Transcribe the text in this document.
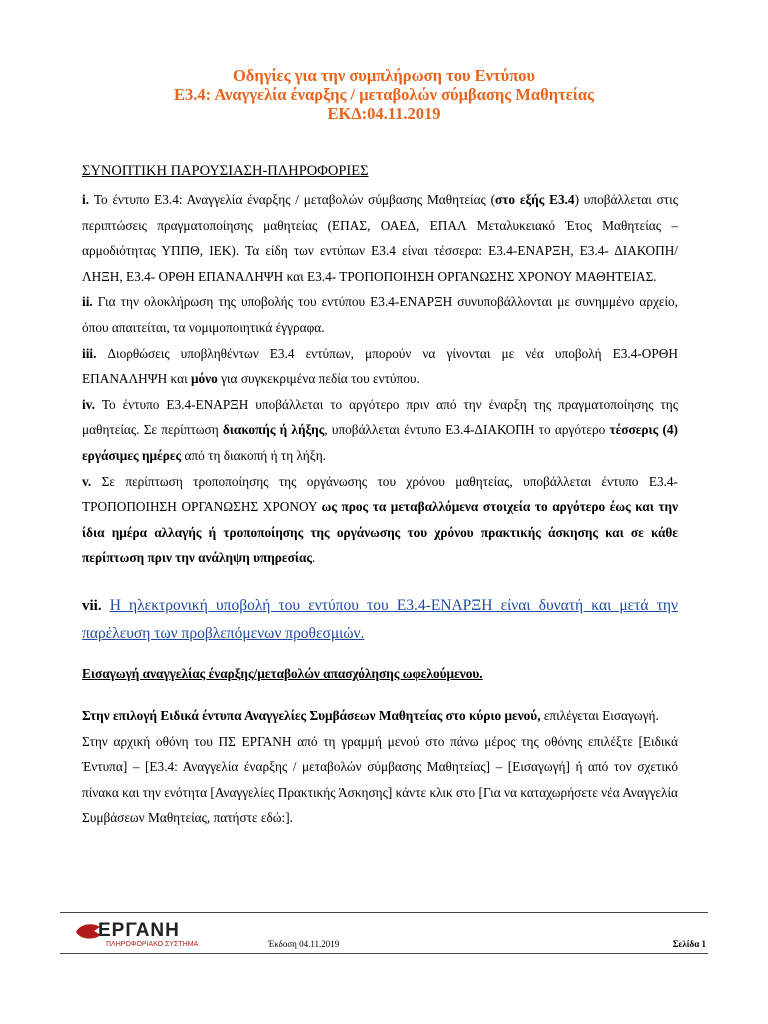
Οδηγίες για την συμπλήρωση του Εντύπου
Ε3.4: Αναγγελία έναρξης / μεταβολών σύμβασης Μαθητείας
ΕΚΔ:04.11.2019
ΣΥΝΟΠΤΙΚΗ ΠΑΡΟΥΣΙΑΣΗ-ΠΛΗΡΟΦΟΡΙΕΣ

i. Το έντυπο Ε3.4: Αναγγελία έναρξης / μεταβολών σύμβασης Μαθητείας (στο εξής Ε3.4) υποβάλλεται στις περιπτώσεις πραγματοποίησης μαθητείας (ΕΠΑΣ, ΟΑΕΔ, ΕΠΑΛ Μεταλυκειακό Έτος Μαθητείας – αρμοδιότητας ΥΠΠΘ, ΙΕΚ). Τα είδη των εντύπων Ε3.4 είναι τέσσερα: Ε3.4-ΕΝΑΡΞΗ, Ε3.4- ΔΙΑΚΟΠΗ/ΛΗΞΗ, Ε3.4- ΟΡΘΗ ΕΠΑΝΑΛΗΨΗ και Ε3.4- ΤΡΟΠΟΠΟΙΗΣΗ ΟΡΓΑΝΩΣΗΣ ΧΡΟΝΟΥ ΜΑΘΗΤΕΙΑΣ.

ii. Για την ολοκλήρωση της υποβολής του εντύπου Ε3.4-ΕΝΑΡΞΗ συνυποβάλλονται με συνημμένο αρχείο, όπου απαιτείται, τα νομιμοποιητικά έγγραφα.

iii. Διορθώσεις υποβληθέντων Ε3.4 εντύπων, μπορούν να γίνονται με νέα υποβολή Ε3.4-ΟΡΘΗ ΕΠΑΝΑΛΗΨΗ και μόνο για συγκεκριμένα πεδία του εντύπου.

iv. Το έντυπο Ε3.4-ΕΝΑΡΞΗ υποβάλλεται το αργότερο πριν από την έναρξη της πραγματοποίησης της μαθητείας. Σε περίπτωση διακοπής ή λήξης, υποβάλλεται έντυπο Ε3.4-ΔΙΑΚΟΠΗ το αργότερο τέσσερις (4) εργάσιμες ημέρες από τη διακοπή ή τη λήξη.

v. Σε περίπτωση τροποποίησης της οργάνωσης του χρόνου μαθητείας, υποβάλλεται έντυπο Ε3.4- ΤΡΟΠΟΠΟΙΗΣΗ ΟΡΓΑΝΩΣΗΣ ΧΡΟΝΟΥ ως προς τα μεταβαλλόμενα στοιχεία το αργότερο έως και την ίδια ημέρα αλλαγής ή τροποποίησης της οργάνωσης του χρόνου πρακτικής άσκησης και σε κάθε περίπτωση πριν την ανάληψη υπηρεσίας.

vii. Η ηλεκτρονική υποβολή του εντύπου του Ε3.4-ΕΝΑΡΞΗ είναι δυνατή και μετά την παρέλευση των προβλεπόμενων προθεσμιών.
Εισαγωγή αναγγελίας έναρξης/μεταβολών απασχόλησης ωφελούμενου.

Στην επιλογή Ειδικά έντυπα Αναγγελίες Συμβάσεων Μαθητείας στο κύριο μενού, επιλέγεται Εισαγωγή.

Στην αρχική οθόνη του ΠΣ ΕΡΓΑΝΗ από τη γραμμή μενού στο πάνω μέρος της οθόνης επιλέξτε [Ειδικά Έντυπα] – [Ε3.4: Αναγγελία έναρξης / μεταβολών σύμβασης Μαθητείας] – [Εισαγωγή] ή από τον σχετικό πίνακα και την ενότητα [Αναγγελίες Πρακτικής Άσκησης] κάντε κλικ στο [Για να καταχωρήσετε νέα Αναγγελία Συμβάσεων Μαθητείας, πατήστε εδώ:].

ΕΡΓΑΝΗ
ΠΛΗΡΟΦΟΡΙΑΚΟ ΣΥΣΤΗΜΑ	Έκδοση 04.11.2019	Σελίδα 1
